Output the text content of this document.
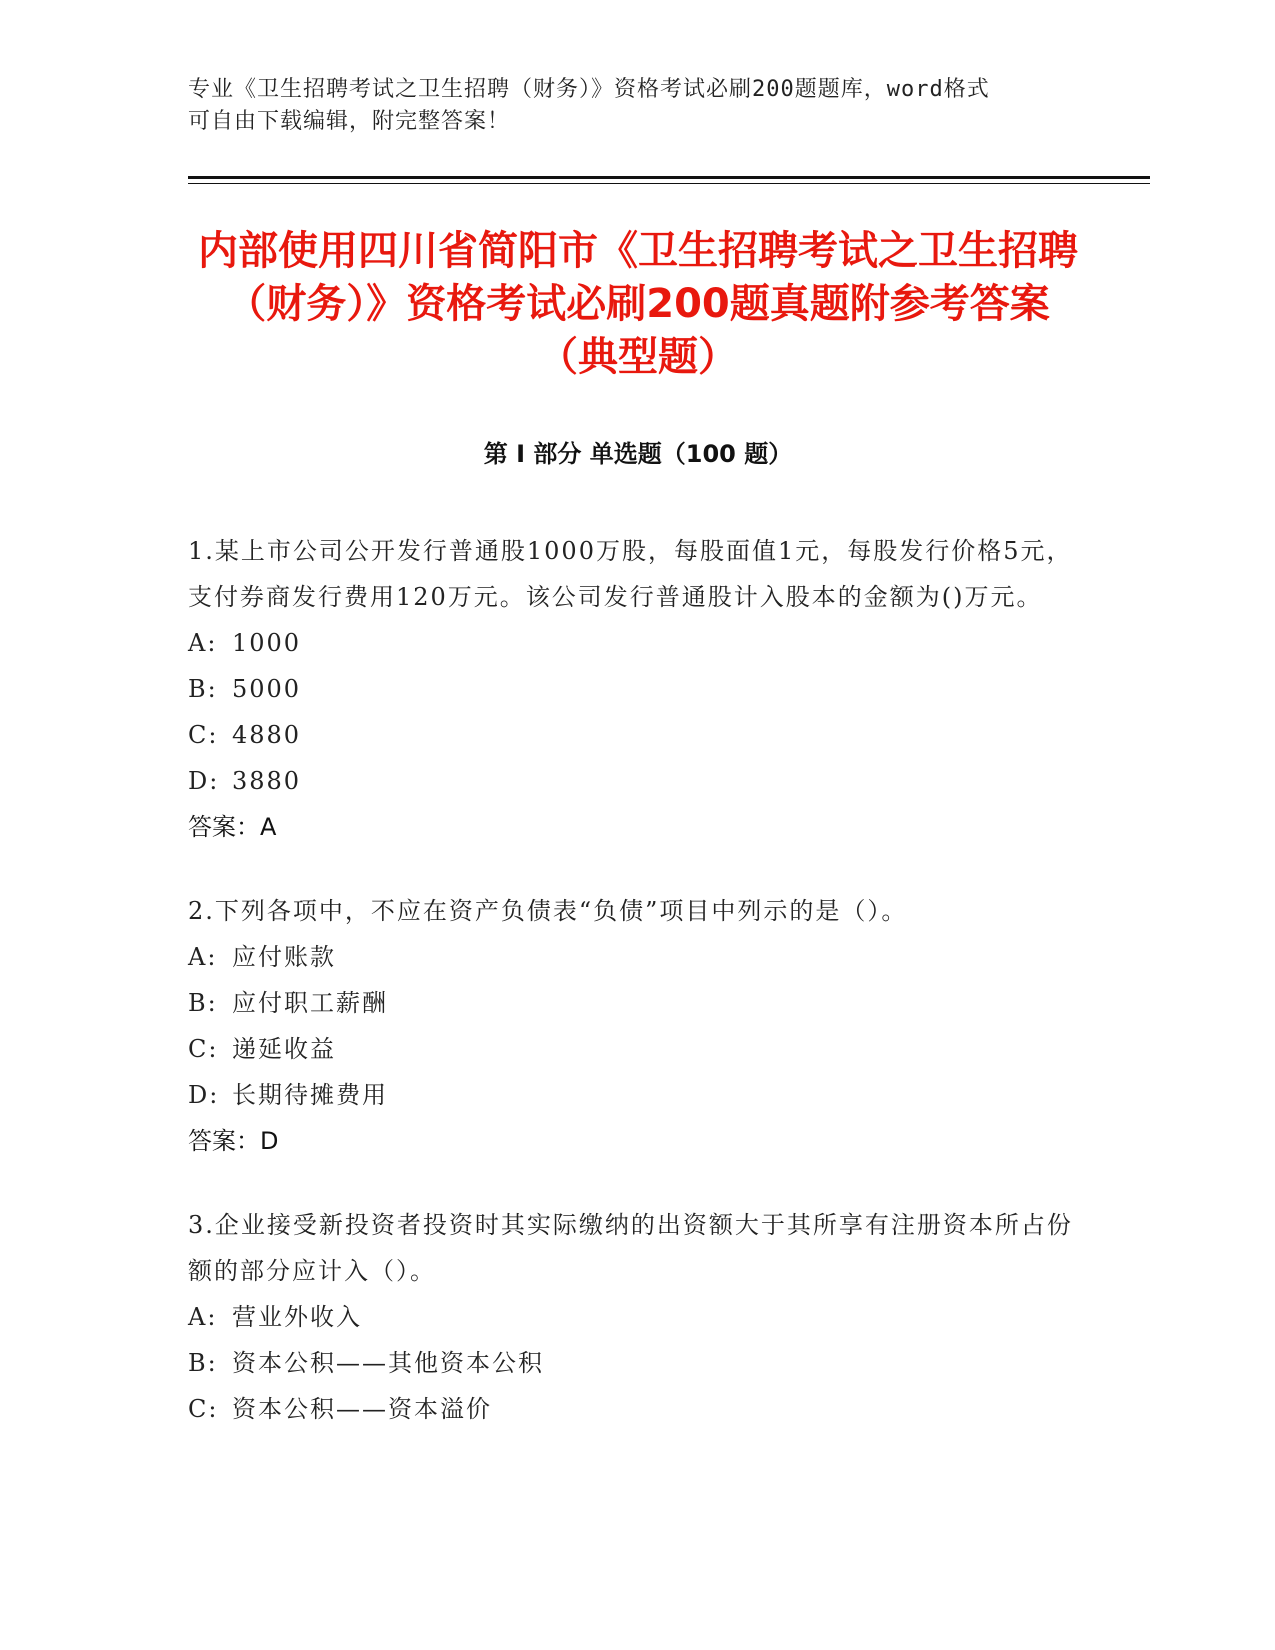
专业《卫生招聘考试之卫生招聘（财务）》资格考试必刷200题题库，word格式
可自由下载编辑，附完整答案！
内部使用四川省简阳市《卫生招聘考试之卫生招聘（财务）》资格考试必刷200题真题附参考答案（典型题）
第 I 部分 单选题（100 题）

1.某上市公司公开发行普通股1000万股，每股面值1元，每股发行价格5元，支付券商发行费用120万元。该公司发行普通股计入股本的金额为()万元。

A: 1000
B: 5000
C: 4880
D: 3880
答案：A

2.下列各项中，不应在资产负债表“负债”项目中列示的是（）。

A: 应付账款
B: 应付职工薪酬
C: 递延收益
D: 长期待摊费用
答案：D

3.企业接受新投资者投资时其实际缴纳的出资额大于其所享有注册资本所占份额的部分应计入（）。

A: 营业外收入
B: 资本公积——其他资本公积
C: 资本公积——资本溢价
